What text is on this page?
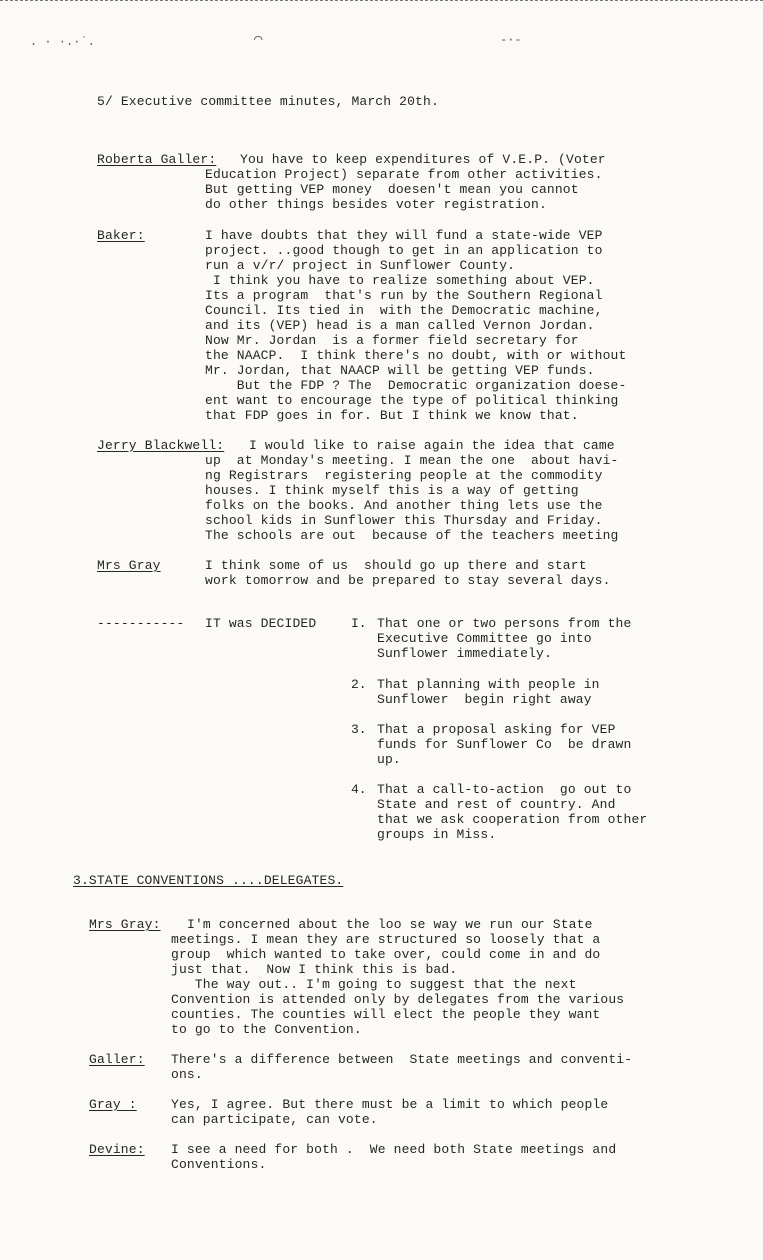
. · ·.·˙.	⌒	-·-
5/ Executive committee minutes, March 20th.
Roberta Galler: You have to keep expenditures of V.E.P. (Voter
Education Project) separate from other activities.
But getting VEP money  doesen't mean you cannot
do other things besides voter registration.
Baker:	I have doubts that they will fund a state-wide VEP
project. ..good though to get in an application to
run a v/r/ project in Sunflower County.
I think you have to realize something about VEP.
Its a program  that's run by the Southern Regional
Council. Its tied in  with the Democratic machine,
and its (VEP) head is a man called Vernon Jordan.
Now Mr. Jordan  is a former field secretary for
the NAACP.  I think there's no doubt, with or without
Mr. Jordan, that NAACP will be getting VEP funds.
But the FDP ? The  Democratic organization doese-
ent want to encourage the type of political thinking
that FDP goes in for. But I think we know that.
Jerry Blackwell: I would like to raise again the idea that came
up  at Monday's meeting. I mean the one  about havi-
ng Registrars  registering people at the commodity
houses. I think myself this is a way of getting
folks on the books. And another thing lets use the
school kids in Sunflower this Thursday and Friday.
The schools are out  because of the teachers meeting
Mrs Gray	I think some of us  should go up there and start
work tomorrow and be prepared to stay several days.
----------- IT was DECIDED	I. That one or two persons from the
Executive Committee go into
Sunflower immediately.
2. That planning with people in
Sunflower  begin right away
3. That a proposal asking for VEP
funds for Sunflower Co  be drawn
up.
4. That a call-to-action  go out to
State and rest of country. And
that we ask cooperation from other
groups in Miss.
3.STATE CONVENTIONS ....DELEGATES.
Mrs Gray: I'm concerned about the loo se way we run our State
meetings. I mean they are structured so loosely that a
group  which wanted to take over, could come in and do
just that.  Now I think this is bad.
The way out.. I'm going to suggest that the next
Convention is attended only by delegates from the various
counties. The counties will elect the people they want
to go to the Convention.
Galler: There's a difference between  State meetings and conventi-
ons.
Gray :	Yes, I agree. But there must be a limit to which people
can participate, can vote.
Devine: I see a need for both .  We need both State meetings and
Conventions.
